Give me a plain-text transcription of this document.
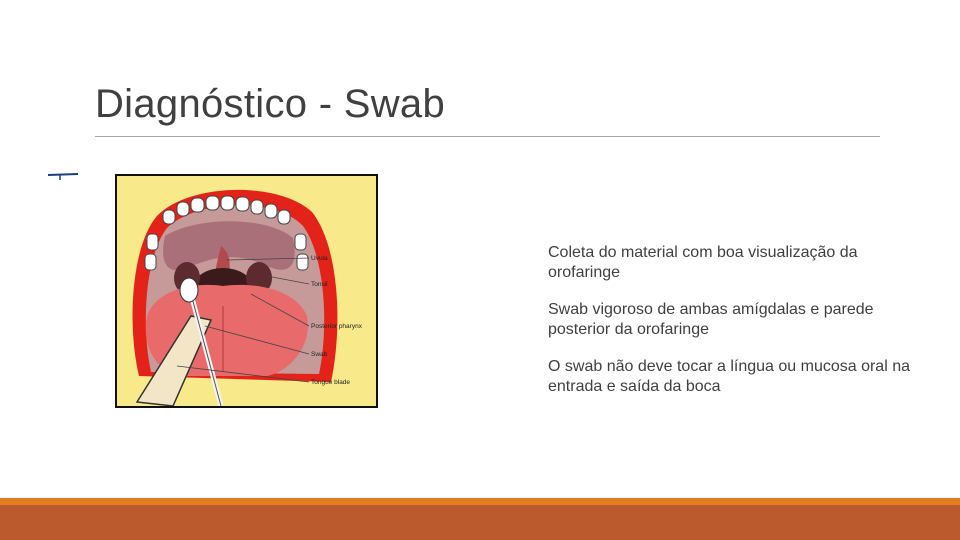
Diagnóstico - Swab
Uvula
Tonsil
Posterior pharynx
Swab
Tongue blade
Coleta do material com boa visualização da orofaringe
Swab vigoroso de ambas amígdalas e parede posterior da orofaringe
O swab não deve tocar a língua ou mucosa oral na entrada e saída da boca
